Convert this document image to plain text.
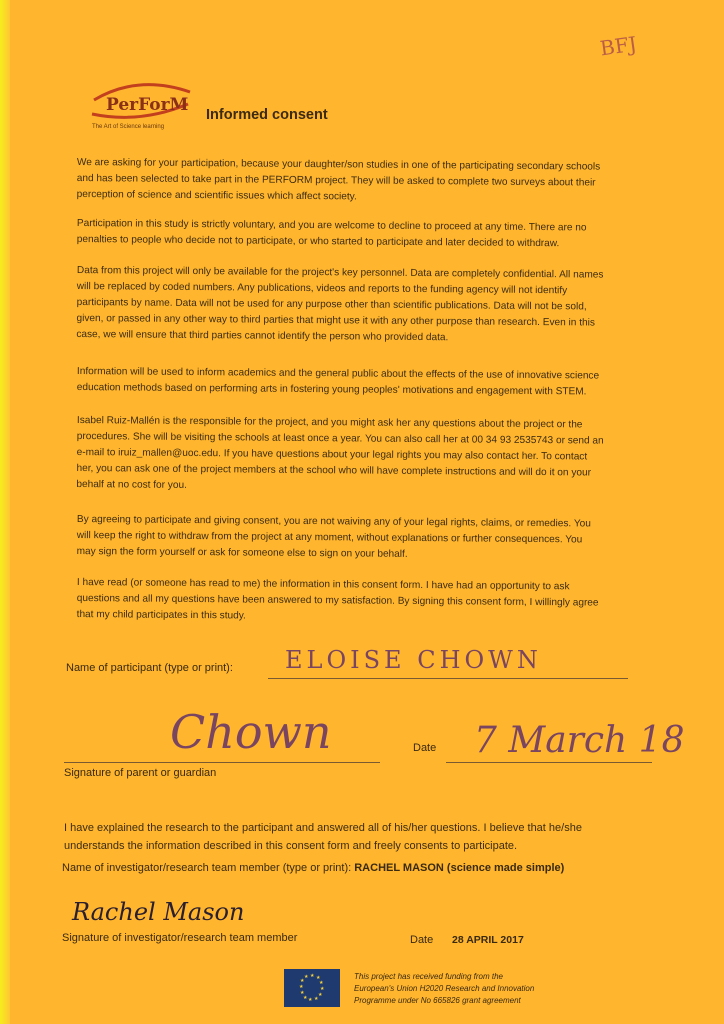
BFJ
PerForM
The Art of Science learning
Informed consent
We are asking for your participation, because your daughter/son studies in one of the participating secondary schools
and has been selected to take part in the PERFORM project. They will be asked to complete two surveys about their
perception of science and scientific issues which affect society.
Participation in this study is strictly voluntary, and you are welcome to decline to proceed at any time. There are no
penalties to people who decide not to participate, or who started to participate and later decided to withdraw.
Data from this project will only be available for the project's key personnel. Data are completely confidential. All names
will be replaced by coded numbers. Any publications, videos and reports to the funding agency will not identify
participants by name. Data will not be used for any purpose other than scientific publications. Data will not be sold,
given, or passed in any other way to third parties that might use it with any other purpose than research. Even in this
case, we will ensure that third parties cannot identify the person who provided data.
Information will be used to inform academics and the general public about the effects of the use of innovative science
education methods based on performing arts in fostering young peoples' motivations and engagement with STEM.
Isabel Ruiz-Mallén is the responsible for the project, and you might ask her any questions about the project or the
procedures. She will be visiting the schools at least once a year. You can also call her at 00 34 93 2535743 or send an
e-mail to iruiz_mallen@uoc.edu. If you have questions about your legal rights you may also contact her. To contact
her, you can ask one of the project members at the school who will have complete instructions and will do it on your
behalf at no cost for you.
By agreeing to participate and giving consent, you are not waiving any of your legal rights, claims, or remedies. You
will keep the right to withdraw from the project at any moment, without explanations or further consequences. You
may sign the form yourself or ask for someone else to sign on your behalf.
I have read (or someone has read to me) the information in this consent form. I have had an opportunity to ask
questions and all my questions have been answered to my satisfaction. By signing this consent form, I willingly agree
that my child participates in this study.
Name of participant (type or print): ELOISE CHOWN
Chown
Signature of parent or guardian
Date 7 March 18
I have explained the research to the participant and answered all of his/her questions. I believe that he/she
understands the information described in this consent form and freely consents to participate.
Name of investigator/research team member (type or print): RACHEL MASON (science made simple)
Rachel Mason
Signature of investigator/research team member	Date 28 APRIL 2017
★ ★
★
★
★
★
★
★
★
★
★
★	This project has received funding from the
European's Union H2020 Research and Innovation
Programme under No 665826 grant agreement
